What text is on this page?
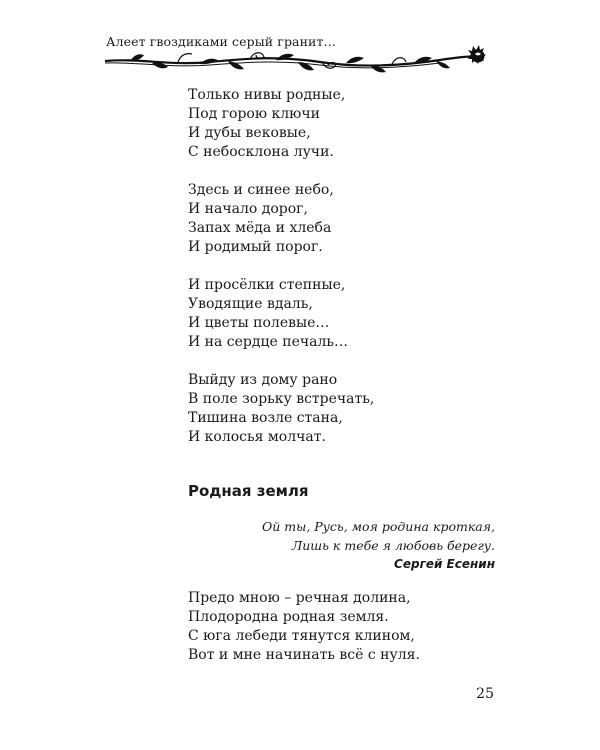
Алеет гвоздиками серый гранит…
Только нивы родные,
Под горою ключи
И дубы вековые,
С небосклона лучи.
Здесь и синее небо,
И начало дорог,
Запах мёда и хлеба
И родимый порог.
И просёлки степные,
Уводящие вдаль,
И цветы полевые…
И на сердце печаль…
Выйду из дому рано
В поле зорьку встречать,
Тишина возле стана,
И колосья молчат.
Родная земля
Ой ты, Русь, моя родина кроткая,
Лишь к тебе я любовь берегу.
Сергей Есенин
Предо мною – речная долина,
Плодородна родная земля.
С юга лебеди тянутся клином,
Вот и мне начинать всё с нуля.
25
